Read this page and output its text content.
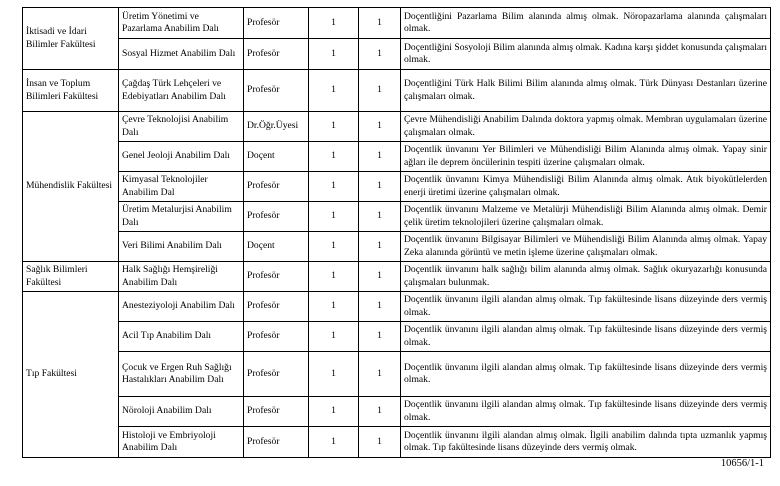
İktisadi ve İdari Bilimler Fakültesi	Üretim Yönetimi ve Pazarlama Anabilim Dalı	Profesör	1	1	Doçentliğini Pazarlama Bilim alanında almış olmak. Nöropazarlama alanında çalışmaları olmak.
	Sosyal Hizmet Anabilim Dalı	Profesör	1	1	Doçentliğini Sosyoloji Bilim alanında almış olmak. Kadına karşı şiddet konusunda çalışmaları olmak.
İnsan ve Toplum Bilimleri Fakültesi	Çağdaş Türk Lehçeleri ve Edebiyatları Anabilim Dalı	Profesör	1	1	Doçentliğini Türk Halk Bilimi Bilim alanında almış olmak. Türk Dünyası Destanları üzerine çalışmaları olmak.
Mühendislik Fakültesi	Çevre Teknolojisi Anabilim Dalı	Dr.Öğr.Üyesi	1	1	Çevre Mühendisliği Anabilim Dalında doktora yapmış olmak. Membran uygulamaları üzerine çalışmaları olmak.
	Genel Jeoloji Anabilim Dalı	Doçent	1	1	Doçentlik ünvanını Yer Bilimleri ve Mühendisliği Bilim Alanında almış olmak. Yapay sinir ağları ile deprem öncülerinin tespiti üzerine çalışmaları olmak.
	Kimyasal Teknolojiler Anabilim Dal	Profesör	1	1	Doçentlik ünvanını Kimya Mühendisliği Bilim Alanında almış olmak. Atık biyokütlelerden enerji üretimi üzerine çalışmaları olmak.
	Üretim Metalurjisi Anabilim Dalı	Profesör	1	1	Doçentlik ünvanını Malzeme ve Metalürji Mühendisliği Bilim Alanında almış olmak. Demir çelik üretim teknolojileri üzerine çalışmaları olmak.
	Veri Bilimi Anabilim Dalı	Doçent	1	1	Doçentlik ünvanını Bilgisayar Bilimleri ve Mühendisliği Bilim Alanında almış olmak. Yapay Zeka alanında görüntü ve metin işleme üzerine çalışmaları olmak.
Sağlık Bilimleri Fakültesi	Halk Sağlığı Hemşireliği Anabilim Dalı	Profesör	1	1	Doçentlik ünvanını halk sağlığı bilim alanında almış olmak. Sağlık okuryazarlığı konusunda çalışmaları bulunmak.
Tıp Fakültesi	Anesteziyoloji Anabilim Dalı	Profesör	1	1	Doçentlik ünvanını ilgili alandan almış olmak. Tıp fakültesinde lisans düzeyinde ders vermiş olmak.
	Acil Tıp Anabilim Dalı	Profesör	1	1	Doçentlik ünvanını ilgili alandan almış olmak. Tıp fakültesinde lisans düzeyinde ders vermiş olmak.
	Çocuk ve Ergen Ruh Sağlığı Hastalıkları Anabilim Dalı	Profesör	1	1	Doçentlik ünvanını ilgili alandan almış olmak. Tıp fakültesinde lisans düzeyinde ders vermiş olmak.
	Nöroloji Anabilim Dalı	Profesör	1	1	Doçentlik ünvanını ilgili alandan almış olmak. Tıp fakültesinde lisans düzeyinde ders vermiş olmak.
	Histoloji ve Embriyoloji Anabilim Dalı	Profesör	1	1	Doçentlik ünvanını ilgili alandan almış olmak. İlgili anabilim dalında tıpta uzmanlık yapmış olmak. Tıp fakültesinde lisans düzeyinde ders vermiş olmak.
10656/1-1
